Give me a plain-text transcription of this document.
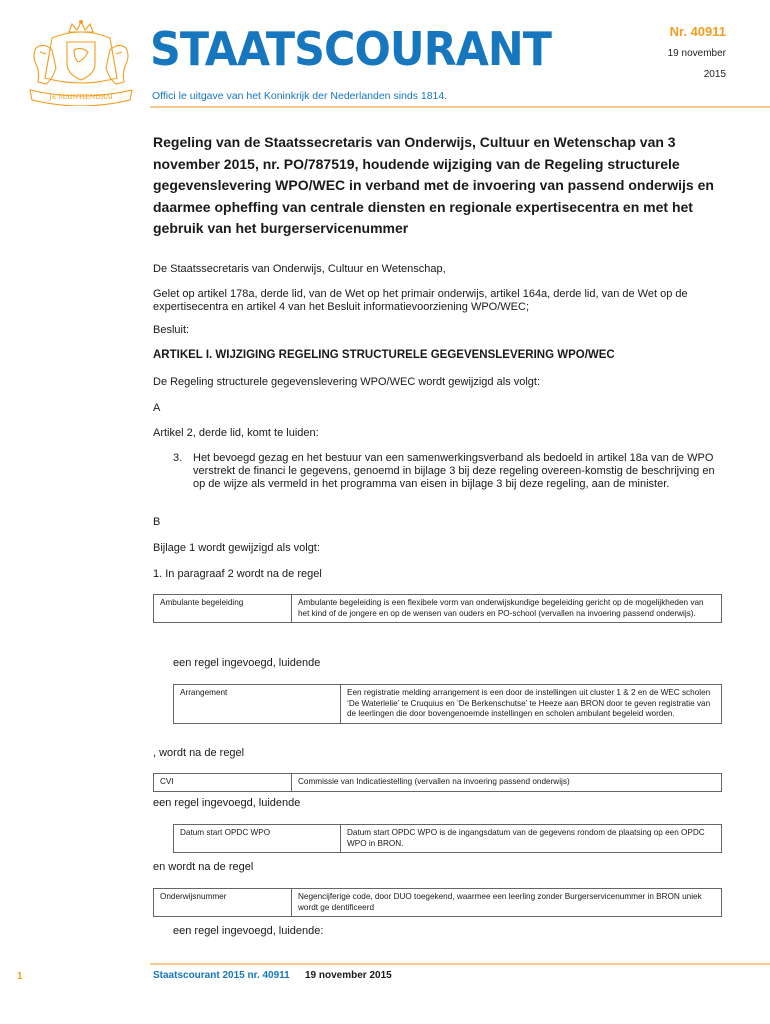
JE MAINTIENDRAI
STAATSCOURANT	Nr. 40911
19 november
2015
Offici le uitgave van het Koninkrijk der Nederlanden sinds 1814.
Regeling van de Staatssecretaris van Onderwijs, Cultuur en Wetenschap van 3 november 2015, nr. PO/787519, houdende wijziging van de Regeling structurele gegevenslevering WPO/WEC in verband met de invoering van passend onderwijs en daarmee opheffing van centrale diensten en regionale expertisecentra en met het gebruik van het burgerservicenummer

De Staatssecretaris van Onderwijs, Cultuur en Wetenschap,

Gelet op artikel 178a, derde lid, van de Wet op het primair onderwijs, artikel 164a, derde lid, van de Wet op de expertisecentra en artikel 4 van het Besluit informatievoorziening WPO/WEC;

Besluit:

ARTIKEL I. WIJZIGING REGELING STRUCTURELE GEGEVENSLEVERING WPO/WEC

De Regeling structurele gegevenslevering WPO/WEC wordt gewijzigd als volgt:

A

Artikel 2, derde lid, komt te luiden:

3. Het bevoegd gezag en het bestuur van een samenwerkingsverband als bedoeld in artikel 18a van de WPO verstrekt de financi le gegevens, genoemd in bijlage 3 bij deze regeling overeen-komstig de beschrijving en op de wijze als vermeld in het programma van eisen in bijlage 3 bij deze regeling, aan de minister.

B

Bijlage 1 wordt gewijzigd als volgt:

1. In paragraaf 2 wordt na de regel

Ambulante begeleiding	Ambulante begeleiding is een flexibele vorm van onderwijskundige begeleiding gericht op de mogelijkheden van het kind of de jongere en op de wensen van ouders en PO-school (vervallen na invoering passend onderwijs).

een regel ingevoegd, luidende

Arrangement	Een registratie melding arrangement is een door de instellingen uit cluster 1 & 2 en de WEC scholen ‘De Waterlelie’ te Cruquius en ‘De Berkenschutse’ te Heeze aan BRON door te geven registratie van de leerlingen die door bovengenoemde instellingen en scholen ambulant begeleid worden.

, wordt na de regel

CVI	Commissie van Indicatiestelling (vervallen na invoering passend onderwijs)

een regel ingevoegd, luidende

Datum start OPDC WPO	Datum start OPDC WPO is de ingangsdatum van de gegevens rondom de plaatsing op een OPDC WPO in BRON.

en wordt na de regel

Onderwijsnummer	Negencijferige code, door DUO toegekend, waarmee een leerling zonder Burgerservicenummer in BRON uniek wordt ge dentificeerd

een regel ingevoegd, luidende:

1	Staatscourant 2015 nr. 40911 19 november 2015
